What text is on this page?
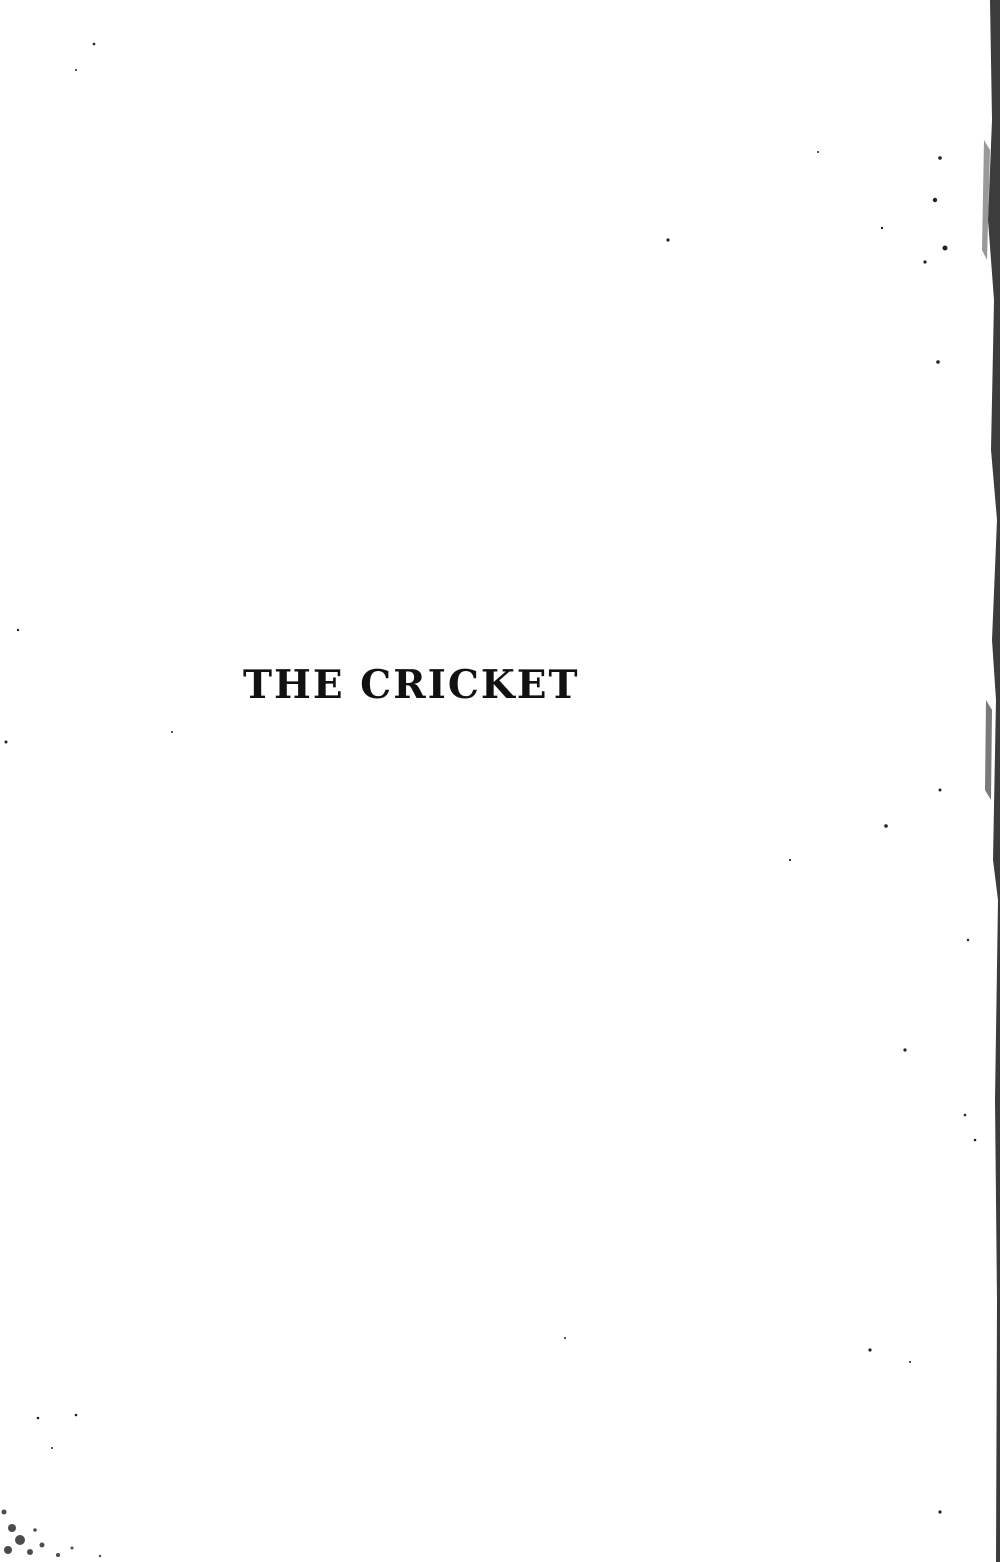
THE CRICKET
